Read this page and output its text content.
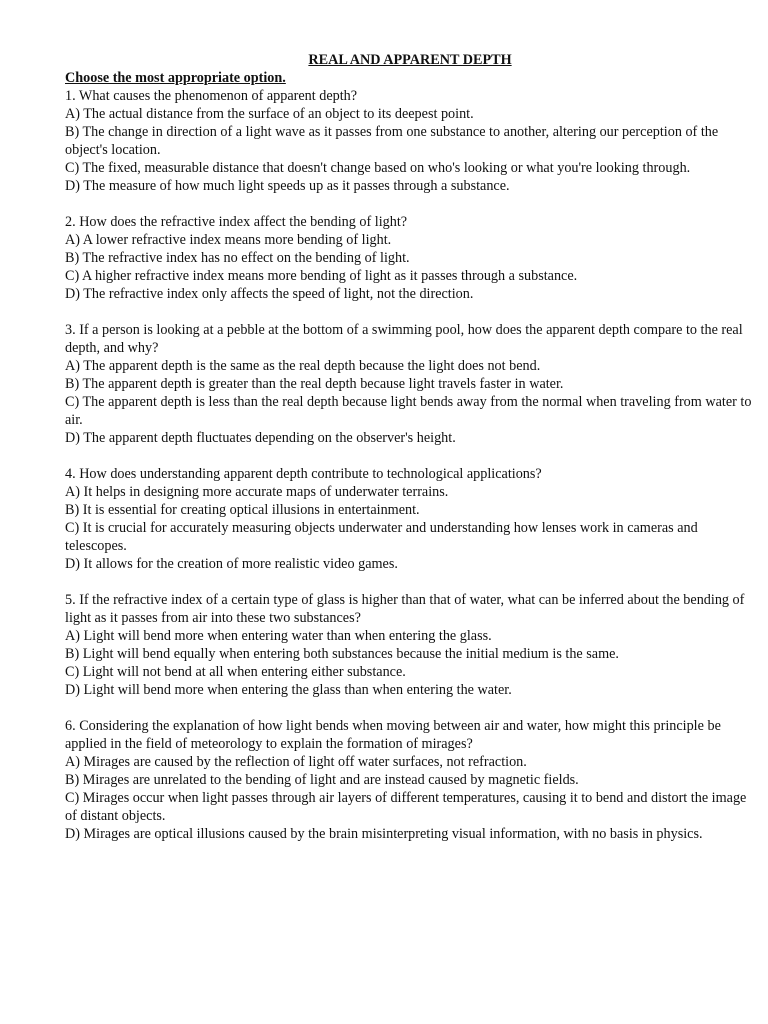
REAL AND APPARENT DEPTH

Choose the most appropriate option.

1. What causes the phenomenon of apparent depth?

A) The actual distance from the surface of an object to its deepest point.
B) The change in direction of a light wave as it passes from one substance to another, altering our perception of the object's location.
C) The fixed, measurable distance that doesn't change based on who's looking or what you're looking through.
D) The measure of how much light speeds up as it passes through a substance.

2. How does the refractive index affect the bending of light?

A) A lower refractive index means more bending of light.
B) The refractive index has no effect on the bending of light.
C) A higher refractive index means more bending of light as it passes through a substance.
D) The refractive index only affects the speed of light, not the direction.

3. If a person is looking at a pebble at the bottom of a swimming pool, how does the apparent depth compare to the real depth, and why?

A) The apparent depth is the same as the real depth because the light does not bend.
B) The apparent depth is greater than the real depth because light travels faster in water.
C) The apparent depth is less than the real depth because light bends away from the normal when traveling from water to air.
D) The apparent depth fluctuates depending on the observer's height.

4. How does understanding apparent depth contribute to technological applications?

A) It helps in designing more accurate maps of underwater terrains.
B) It is essential for creating optical illusions in entertainment.
C) It is crucial for accurately measuring objects underwater and understanding how lenses work in cameras and telescopes.
D) It allows for the creation of more realistic video games.

5. If the refractive index of a certain type of glass is higher than that of water, what can be inferred about the bending of light as it passes from air into these two substances?

A) Light will bend more when entering water than when entering the glass.
B) Light will bend equally when entering both substances because the initial medium is the same.
C) Light will not bend at all when entering either substance.
D) Light will bend more when entering the glass than when entering the water.

6. Considering the explanation of how light bends when moving between air and water, how might this principle be applied in the field of meteorology to explain the formation of mirages?

A) Mirages are caused by the reflection of light off water surfaces, not refraction.
B) Mirages are unrelated to the bending of light and are instead caused by magnetic fields.
C) Mirages occur when light passes through air layers of different temperatures, causing it to bend and distort the image of distant objects.
D) Mirages are optical illusions caused by the brain misinterpreting visual information, with no basis in physics.
